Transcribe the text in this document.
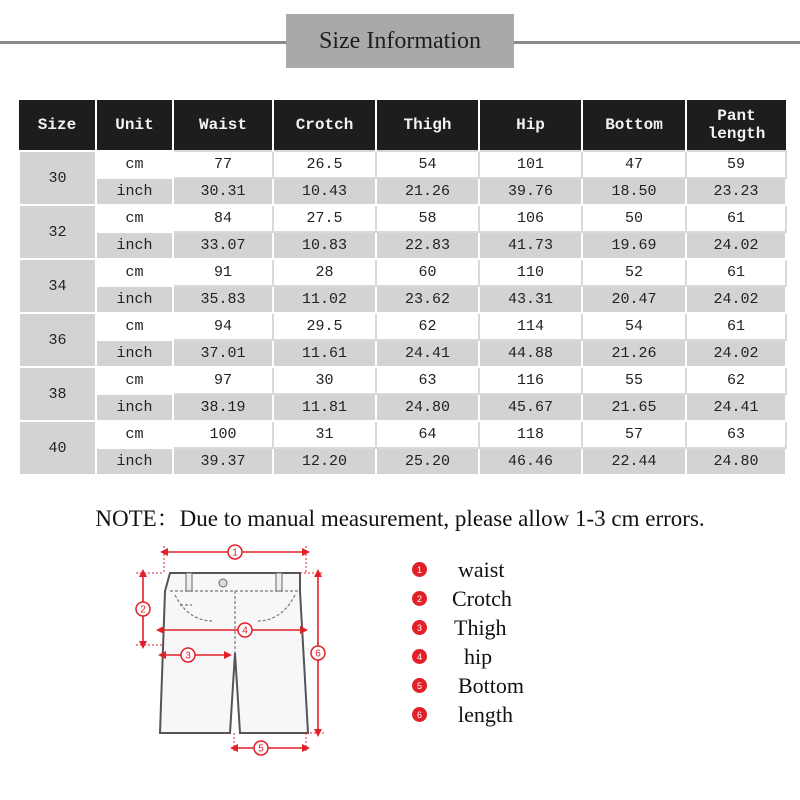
Size Information
Size	Unit	Waist	Crotch	Thigh	Hip	Bottom	Pant length
30	cm	77	26.5	54	101	47	59
	inch	30.31	10.43	21.26	39.76	18.50	23.23
32	cm	84	27.5	58	106	50	61
	inch	33.07	10.83	22.83	41.73	19.69	24.02
34	cm	91	28	60	110	52	61
	inch	35.83	11.02	23.62	43.31	20.47	24.02
36	cm	94	29.5	62	114	54	61
	inch	37.01	11.61	24.41	44.88	21.26	24.02
38	cm	97	30	63	116	55	62
	inch	38.19	11.81	24.80	45.67	21.65	24.41
40	cm	100	31	64	118	57	63
	inch	39.37	12.20	25.20	46.46	22.44	24.80
NOTE：Due to manual measurement, please allow 1-3 cm errors.
1
2
3
4
5
6
1 waist
2 Crotch
3 Thigh
4 hip
5 Bottom
6 length
